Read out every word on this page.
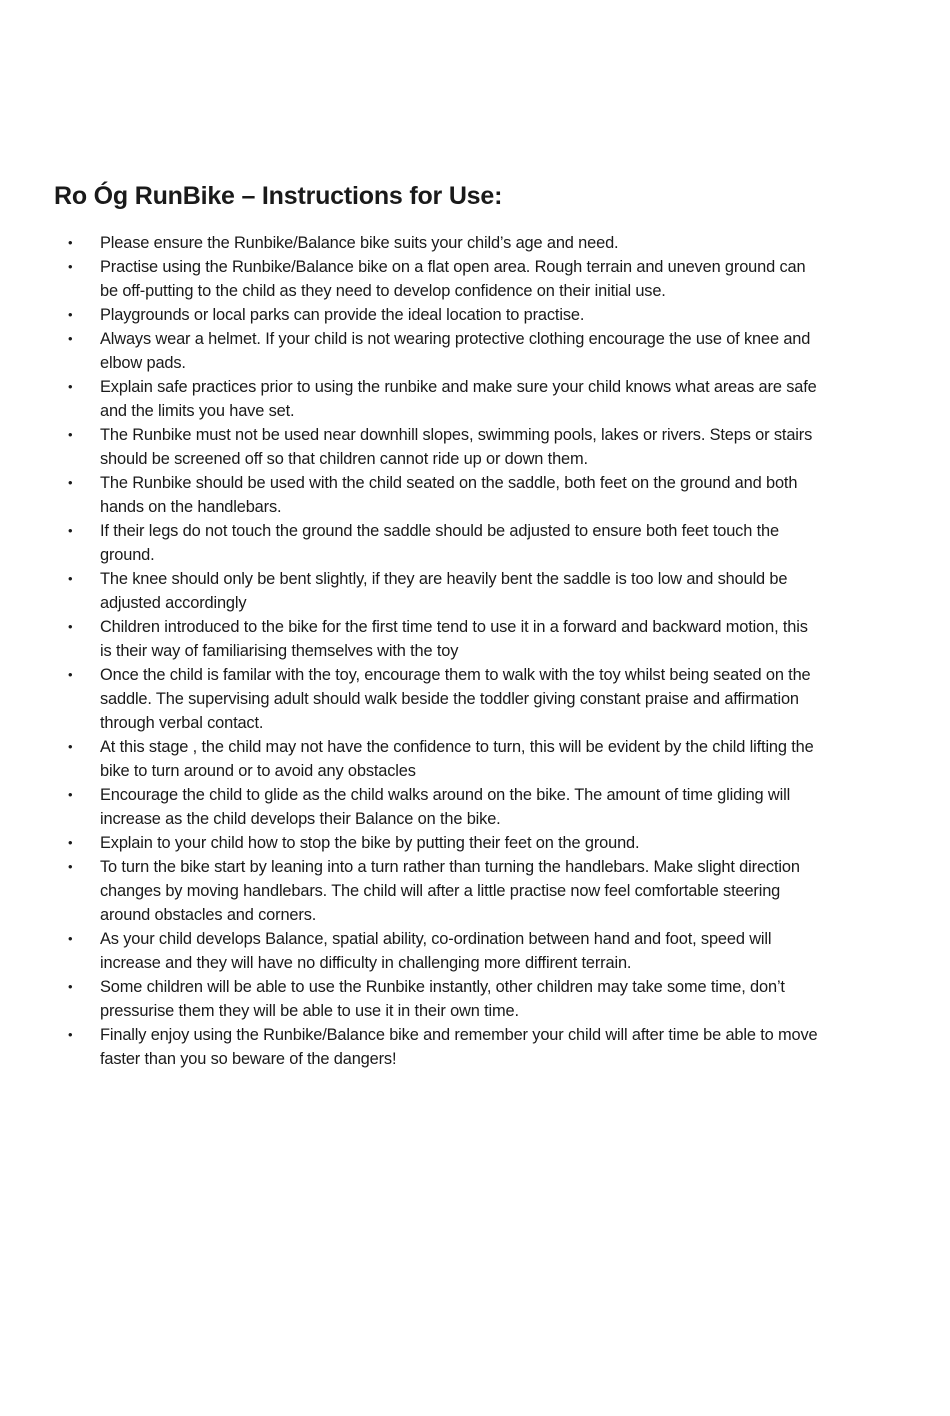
Ro Óg RunBike – Instructions for Use:
• Please ensure the Runbike/Balance bike suits your child’s age and need.
• Practise using the Runbike/Balance bike on a flat open area. Rough terrain and uneven ground can be off-putting to the child as they need to develop confidence on their initial use.
• Playgrounds or local parks can provide the ideal location to practise.
• Always wear a helmet. If your child is not wearing protective clothing encourage the use of knee and elbow pads.
• Explain safe practices prior to using the runbike and make sure your child knows what areas are safe and the limits you have set.
• The Runbike must not be used near downhill slopes, swimming pools, lakes or rivers. Steps or stairs should be screened off so that children cannot ride up or down them.
• The Runbike should be used with the child seated on the saddle, both feet on the ground and both hands on the handlebars.
• If their legs do not touch the ground the saddle should be adjusted to ensure both feet touch the ground.
• The knee should only be bent slightly, if they are heavily bent the saddle is too low and should be adjusted accordingly
• Children introduced to the bike for the first time tend to use it in a forward and backward motion, this is their way of familiarising themselves with the toy
• Once the child is familar with the toy, encourage them to walk with the toy whilst being seated on the saddle. The supervising adult should walk beside the toddler giving constant praise and affirmation through verbal contact.
• At this stage , the child may not have the confidence to turn, this will be evident by the child lifting the bike to turn around or to avoid any obstacles
• Encourage the child to glide as the child walks around on the bike. The amount of time gliding will increase as the child develops their Balance on the bike.
• Explain to your child how to stop the bike by putting their feet on the ground.
• To turn the bike start by leaning into a turn rather than turning the handlebars. Make slight direction changes by moving handlebars. The child will after a little practise now feel comfortable steering around obstacles and corners.
• As your child develops Balance, spatial ability, co-ordination between hand and foot, speed will increase and they will have no difficulty in challenging more diffirent terrain.
• Some children will be able to use the Runbike instantly, other children may take some time, don’t pressurise them they will be able to use it in their own time.
• Finally enjoy using the Runbike/Balance bike and remember your child will after time be able to move faster than you so beware of the dangers!
